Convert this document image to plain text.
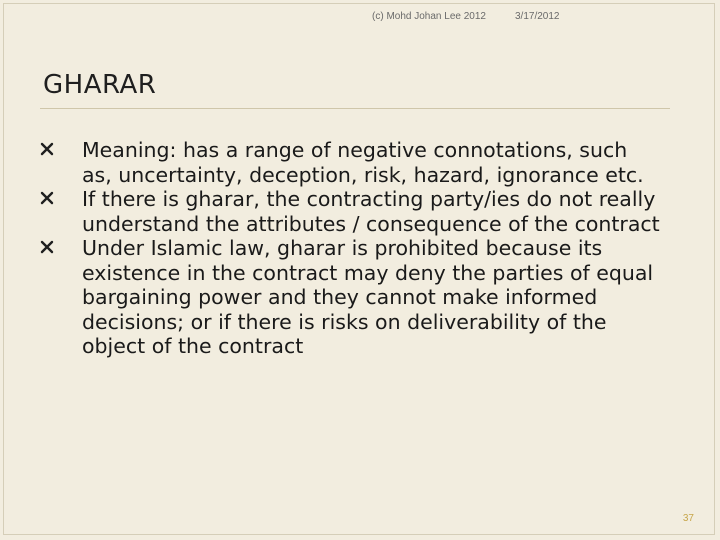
(c) Mohd Johan Lee 2012	3/17/2012
GHARAR
Meaning: has a range of negative connotations, such as, uncertainty, deception, risk, hazard, ignorance etc.
If there is gharar, the contracting party/ies do not really understand the attributes / consequence of the contract
Under Islamic law, gharar is prohibited because its existence in the contract may deny the parties of equal bargaining power and they cannot make informed decisions; or if there is risks on deliverability of the object of the contract
37
